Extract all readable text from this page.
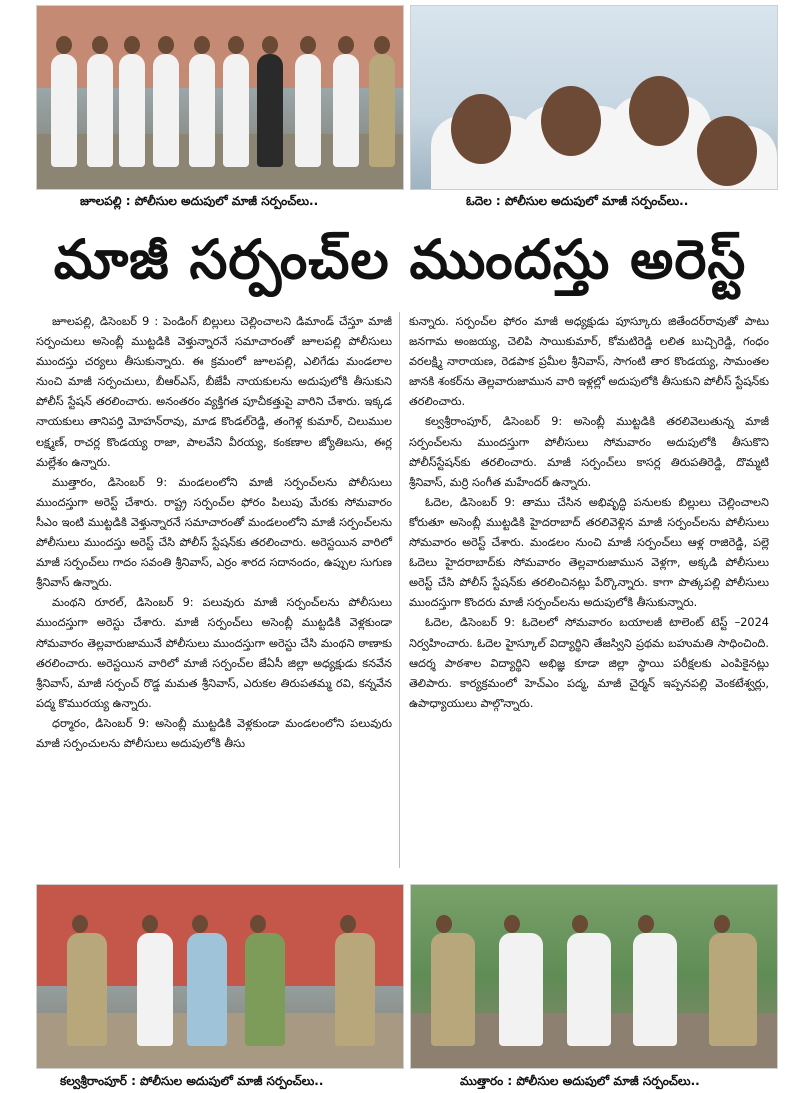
జూలపల్లి : పోలీసుల అదుపులో మాజీ సర్పంచ్‌లు..	ఓదెల : పోలీసుల అదుపులో మాజీ సర్పంచ్‌లు..
మాజీ సర్పంచ్‌ల ముందస్తు అరెస్ట్

జూలపల్లి, డిసెంబర్‌ 9 : పెండింగ్‌ బిల్లులు చెల్లించాలని డిమాండ్‌ చేస్తూ మాజీ సర్పంచులు అసెంబ్లీ ముట్టడికి వెళ్తున్నారనే సమాచారంతో జూలపల్లి పోలీసులు ముందస్తు చర్యలు తీసుకున్నారు. ఈ క్రమంలో జూలపల్లి, ఎలిగేడు మండలాల నుంచి మాజీ సర్పంచులు, బీఆర్‌ఎస్‌, బీజేపీ నాయకులను అదుపులోకి తీసుకుని పోలీస్‌ స్టేషన్‌ తరలించారు. అనంతరం వ్యక్తిగత పూచీకత్తుపై వారిని చేశారు. ఇక్కడ నాయకులు తానిపర్తి మోహన్‌రావు, మాడ కొండల్‌రెడ్డి, తంగెళ్ల కుమార్‌, చిలుముల లక్ష్మణ్‌, రాచర్ల కొండయ్య రాజా, పాలవేని వీరయ్య, కంకణాల జ్యోతిబసు, ఈర్ల మల్లేశం ఉన్నారు.

ముత్తారం, డిసెంబర్‌ 9: మండలంలోని మాజీ సర్పంచ్‌లను పోలీసులు ముందస్తుగా అరెస్ట్‌ చేశారు. రాష్ట్ర సర్పంచ్‌ల ఫోరం పిలుపు మేరకు సోమవారం సీఎం ఇంటి ముట్టడికి వెళ్తున్నారనే సమాచారంతో మండలంలోని మాజీ సర్పంచ్‌లను పోలీసులు ముందస్తు అరెస్ట్‌ చేసి పోలీస్‌ స్టేషన్‌కు తరలించారు. అరెస్టయిన వారిలో మాజీ సర్పంచ్‌లు గాదం సవంతి శ్రీనివాస్‌, ఎర్రం శారద సదానందం, ఉప్పుల సుగుణ శ్రీనివాస్‌ ఉన్నారు.

మంథని రూరల్‌, డిసెంబర్‌ 9: పలువురు మాజీ సర్పంచ్‌లను పోలీసులు ముందస్తుగా అరెస్టు చేశారు. మాజీ సర్పంచ్‌లు అసెంబ్లీ ముట్టడికి వెళ్లకుండా సోమవారం తెల్లవారుజామునే పోలీసులు ముందస్తుగా అరెస్టు చేసి మంథని ఠాణాకు తరలించారు. అరెస్టయిన వారిలో మాజీ సర్పంచ్‌ల జేఏసీ జిల్లా అధ్యక్షుడు కనవేన శ్రీనివాస్‌, మాజీ సర్పంచ్‌ రొడ్డ మమత శ్రీనివాస్‌, ఎరుకల తిరుపతమ్మ రవి, కన్నవేన పద్మ కొమురయ్య ఉన్నారు.

ధర్మారం, డిసెంబర్‌ 9: అసెంబ్లీ ముట్టడికి వెళ్లకుండా మండలంలోని పలువురు మాజీ సర్పంచులను పోలీసులు అదుపులోకి తీసు

కున్నారు. సర్పంచ్‌ల ఫోరం మాజీ అధ్యక్షుడు పూస్కూరు జితేందర్‌రావుతో పాటు జనగామ అంజయ్య, చెలిపి సాయికుమార్‌, కోమటిరెడ్డి లలిత బుచ్చిరెడ్డి, గంధం వరలక్ష్మి నారాయణ, రెడపాక ప్రమీల శ్రీనివాస్‌, సాగంటి తార కొండయ్య, సామంతల జానకి శంకర్‌ను తెల్లవారుజామున వారి ఇళ్లల్లో అదుపులోకి తీసుకుని పోలీస్‌ స్టేషన్‌కు తరలించారు.

కల్వశ్రీరాంపూర్‌, డిసెంబర్‌ 9: అసెంబ్లీ ముట్టడికి తరలివెలుతున్న మాజీ సర్పంచ్‌లను ముందస్తుగా పోలీసులు సోమవారం అదుపులోకి తీసుకొని పోలీస్‌స్టేషన్‌కు తరలించారు. మాజీ సర్పంచ్‌లు కాసర్ల తిరుపతిరెడ్డి, దొమ్మటి శ్రీనివాస్‌, మర్రి సంగీత మహేందర్‌ ఉన్నారు.

ఓదెల, డిసెంబర్‌ 9: తాము చేసిన అభివృద్ధి పనులకు బిల్లులు చెల్లించాలని కోరుతూ అసెంబ్లీ ముట్టడికి హైదరాబాద్‌ తరలివెళ్లిన మాజీ సర్పంచ్‌లను పోలీసులు సోమవారం అరెస్ట్‌ చేశారు. మండలం నుంచి మాజీ సర్పంచ్‌లు ఆళ్ల రాజిరెడ్డి, పల్లె ఓదెలు హైదరాబాద్‌కు సోమవారం తెల్లవారుజామున వెళ్లగా, అక్కడి పోలీసులు అరెస్ట్‌ చేసి పోలీస్‌ స్టేషన్‌కు తరలించినట్లు పేర్కొన్నారు. కాగా పొత్కపల్లి పోలీసులు ముందస్తుగా కొందరు మాజీ సర్పంచ్‌లను అదుపులోకి తీసుకున్నారు.

ఓదెల, డిసెంబర్‌ 9: ఓదెలలో సోమవారం బయాలజీ టాలెంట్‌ టెస్ట్‌ –2024 నిర్వహించారు. ఓదెల హైస్కూల్‌ విద్యార్థిని తేజస్విని ప్రథమ బహుమతి సాధించింది. ఆదర్శ పాఠశాల విద్యార్థిని అభిజ్ఞ కూడా జిల్లా స్థాయి పరీక్షలకు ఎంపికైనట్లు తెలిపారు. కార్యక్రమంలో హెచ్‌ఎం పద్మ, మాజీ చైర్మన్‌ ఇప్పనపల్లి వెంకటేశ్వర్లు, ఉపాధ్యాయులు పాల్గొన్నారు.

కల్వశ్రీరాంపూర్‌ : పోలీసుల అదుపులో మాజీ సర్పంచ్‌లు..	ముత్తారం : పోలీసుల అదుపులో మాజీ సర్పంచ్‌లు..
